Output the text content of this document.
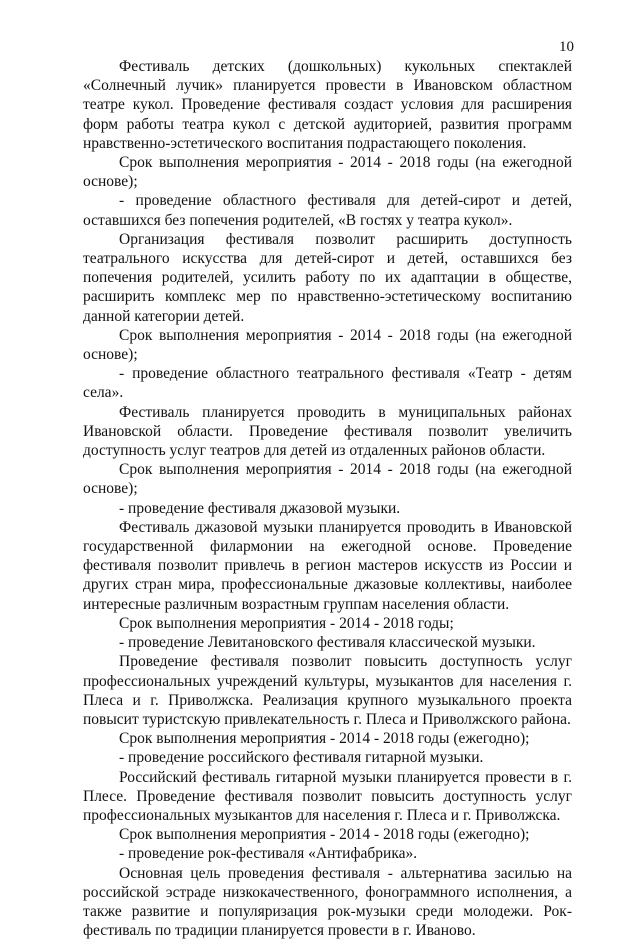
10

Фестиваль детских (дошкольных) кукольных спектаклей «Солнечный лучик» планируется провести в Ивановском областном театре кукол. Проведение фестиваля создаст условия для расширения форм работы театра кукол с детской аудиторией, развития программ нравственно-эстетического воспитания подрастающего поколения.

Срок выполнения мероприятия - 2014 - 2018 годы (на ежегодной основе);

- проведение областного фестиваля для детей-сирот и детей, оставшихся без попечения родителей, «В гостях у театра кукол».

Организация фестиваля позволит расширить доступность театрального искусства для детей-сирот и детей, оставшихся без попечения родителей, усилить работу по их адаптации в обществе, расширить комплекс мер по нравственно-эстетическому воспитанию данной категории детей.

Срок выполнения мероприятия - 2014 - 2018 годы (на ежегодной основе);

- проведение областного театрального фестиваля «Театр - детям села».

Фестиваль планируется проводить в муниципальных районах Ивановской области. Проведение фестиваля позволит увеличить доступность услуг театров для детей из отдаленных районов области.

Срок выполнения мероприятия - 2014 - 2018 годы (на ежегодной основе);

- проведение фестиваля джазовой музыки.

Фестиваль джазовой музыки планируется проводить в Ивановской государственной филармонии на ежегодной основе. Проведение фестиваля позволит привлечь в регион мастеров искусств из России и других стран мира, профессиональные джазовые коллективы, наиболее интересные различным возрастным группам населения области.

Срок выполнения мероприятия - 2014 - 2018 годы;

- проведение Левитановского фестиваля классической музыки.

Проведение фестиваля позволит повысить доступность услуг профессиональных учреждений культуры, музыкантов для населения г. Плеса и г. Приволжска. Реализация крупного музыкального проекта повысит туристскую привлекательность г. Плеса и Приволжского района.

Срок выполнения мероприятия - 2014 - 2018 годы (ежегодно);

- проведение российского фестиваля гитарной музыки.

Российский фестиваль гитарной музыки планируется провести в г. Плесе. Проведение фестиваля позволит повысить доступность услуг профессиональных музыкантов для населения г. Плеса и г. Приволжска.

Срок выполнения мероприятия - 2014 - 2018 годы (ежегодно);

- проведение рок-фестиваля «Антифабрика».

Основная цель проведения фестиваля - альтернатива засилью на российской эстраде низкокачественного, фонограммного исполнения, а также развитие и популяризация рок-музыки среди молодежи. Рок-фестиваль по традиции планируется провести в г. Иваново.
